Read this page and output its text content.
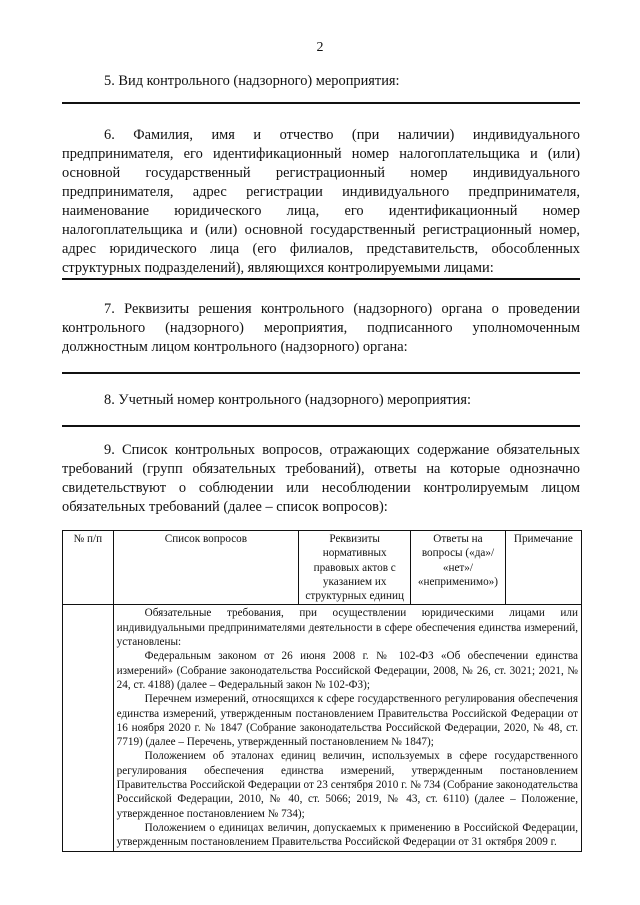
2
5. Вид контрольного (надзорного) мероприятия:
6. Фамилия, имя и отчество (при наличии) индивидуального предпринимателя, его идентификационный номер налогоплательщика и (или) основной государственный регистрационный номер индивидуального предпринимателя, адрес регистрации индивидуального предпринимателя, наименование юридического лица, его идентификационный номер налогоплательщика и (или) основной государственный регистрационный номер, адрес юридического лица (его филиалов, представительств, обособленных структурных подразделений), являющихся контролируемыми лицами:
7. Реквизиты решения контрольного (надзорного) органа о проведении контрольного (надзорного) мероприятия, подписанного уполномоченным должностным лицом контрольного (надзорного) органа:
8. Учетный номер контрольного (надзорного) мероприятия:
9. Список контрольных вопросов, отражающих содержание обязательных требований (групп обязательных требований), ответы на которые однозначно свидетельствуют о соблюдении или несоблюдении контролируемым лицом обязательных требований (далее – список вопросов):
№ п/п	Список вопросов	Реквизиты нормативных правовых актов с указанием их структурных единиц	Ответы на вопросы («да»/ «нет»/ «неприменимо»)	Примечание

	Обязательные требования, при осуществлении юридическими лицами или индивидуальными предпринимателями деятельности в сфере обеспечения единства измерений, установлены:

Федеральным законом от 26 июня 2008 г. № 102-ФЗ «Об обеспечении единства измерений» (Собрание законодательства Российской Федерации, 2008, № 26, ст. 3021; 2021, № 24, ст. 4188) (далее – Федеральный закон № 102-ФЗ);

Перечнем измерений, относящихся к сфере государственного регулирования обеспечения единства измерений, утвержденным постановлением Правительства Российской Федерации от 16 ноября 2020 г. № 1847 (Собрание законодательства Российской Федерации, 2020, № 48, ст. 7719) (далее – Перечень, утвержденный постановлением № 1847);

Положением об эталонах единиц величин, используемых в сфере государственного регулирования обеспечения единства измерений, утвержденным постановлением Правительства Российской Федерации от 23 сентября 2010 г. № 734 (Собрание законодательства Российской Федерации, 2010, № 40, ст. 5066; 2019, № 43, ст. 6110) (далее – Положение, утвержденное постановлением № 734);

Положением о единицах величин, допускаемых к применению в Российской Федерации, утвержденным постановлением Правительства Российской Федерации от 31 октября 2009 г.			
